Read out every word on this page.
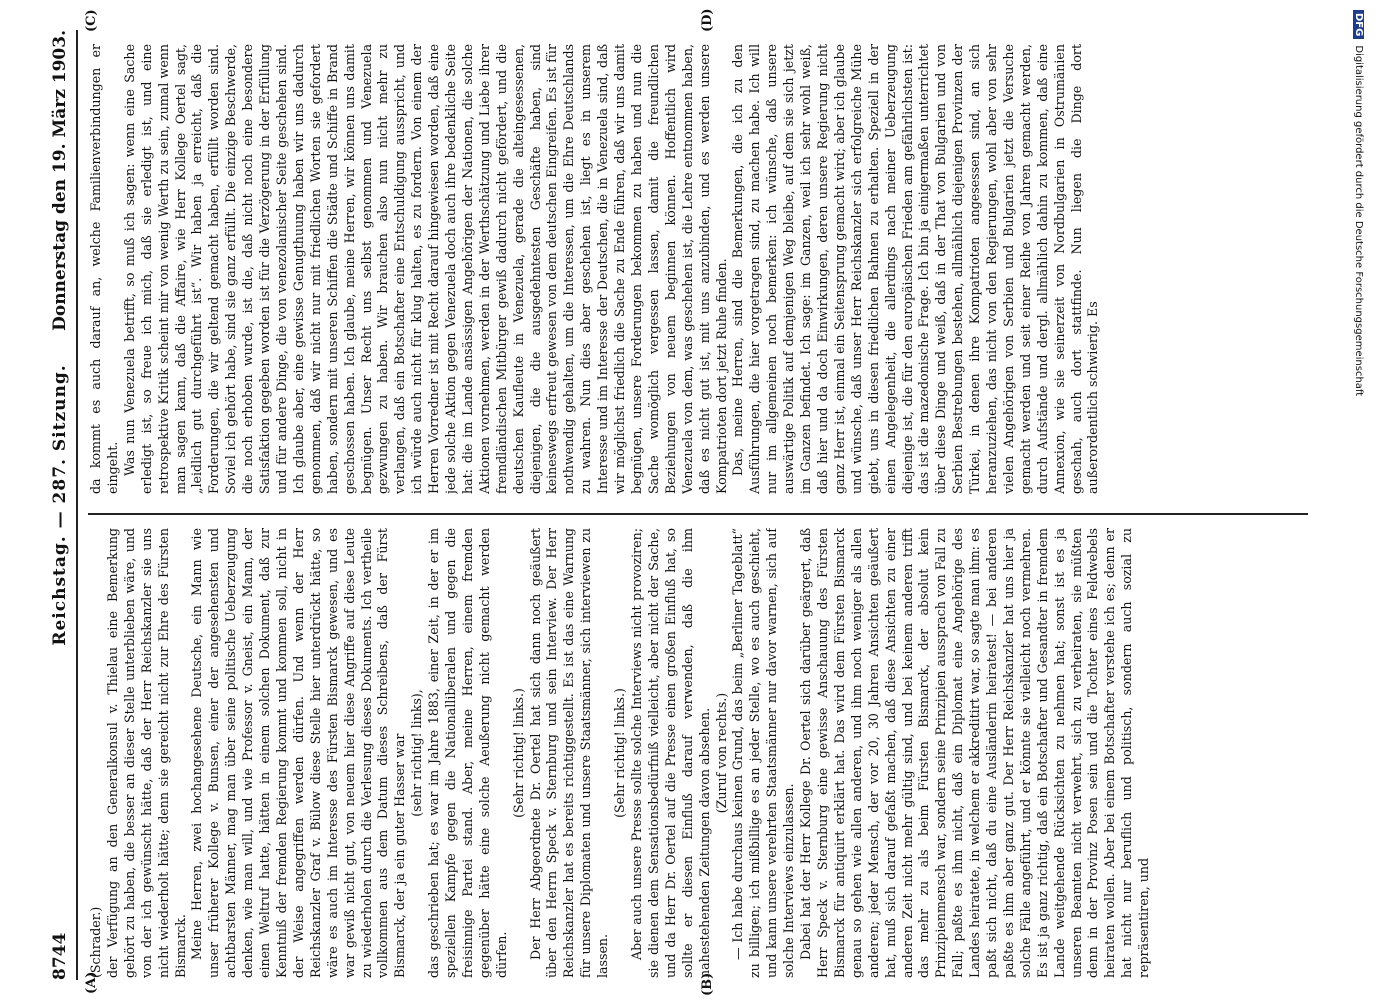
8744
Reichstag. — 287. Sitzung.
Donnerstag den 19. März 1903.
(A)	(B)
(C)	(D)

(Schrader.) der Verfügung an den Generalkonsul v. Thielau eine Bemerkung gehört zu haben, die besser an dieser Stelle unterblieben wäre, und von der ich gewünscht hätte, daß der Herr Reichskanzler sie uns nicht wiederholt hätte; denn sie gereicht nicht zur Ehre des Fürsten Bismarck. Meine Herren, zwei hochangesehene Deutsche, ein Mann wie unser früherer Kollege v. Bunsen, einer der angesehensten und achtbarsten Männer, mag man über seine politische Ueberzeugung denken, wie man will, und wie Professor v. Gneist, ein Mann, der einen Weltruf hatte, hätten in einem solchen Dokument, daß zur Kenntniß der fremden Regierung kommt und kommen soll, nicht in der Weise angegriffen werden dürfen. Und wenn der Herr Reichskanzler Graf v. Bülow diese Stelle hier unterdrückt hätte, so wäre es auch im Interesse des Fürsten Bismarck gewesen, und es war gewiß nicht gut, von neuem hier diese Angriffe auf diese Leute zu wiederholen durch die Verlesung dieses Dokuments. Ich vertheile vollkommen aus dem Datum dieses Schreibens, daß der Fürst Bismarck, der ja ein guter Hasser war (sehr richtig! links), das geschrieben hat; es war im Jahre 1883, einer Zeit, in der er im speziellen Kampfe gegen die Nationalliberalen und gegen die freisinnige Partei stand. Aber, meine Herren, einem fremden gegenüber hätte eine solche Aeußerung nicht gemacht werden dürfen.

(Sehr richtig! links.) Der Herr Abgeordnete Dr. Oertel hat sich dann noch geäußert über den Herrn Speck v. Sternburg und sein Interview. Der Herr Reichskanzler hat es bereits richtiggestellt. Es ist das eine Warnung für unsere Diplomaten und unsere Staatsmänner, sich interviewen zu lassen.

(Sehr richtig! links.) Aber auch unsere Presse sollte solche Interviews nicht provoziren; sie dienen dem Sensationsbedürfniß vielleicht, aber nicht der Sache, und da Herr Dr. Oertel auf die Presse einen großen Einfluß hat, so sollte er diesen Einfluß darauf verwenden, daß die ihm nahestehenden Zeitungen davon absehen. (Zuruf von rechts.) — Ich habe durchaus keinen Grund, das beim „Berliner Tageblatt“ zu billigen; ich mißbillige es an jeder Stelle, wo es auch geschieht, und kann unsere verehrten Staatsmänner nur davor warnen, sich auf solche Interviews einzulassen. Dabei hat der Herr Kollege Dr. Oertel sich darüber geärgert, daß Herr Speck v. Sternburg eine gewisse Anschauung des Fürsten Bismarck für antiquirt erklärt hat. Das wird dem Fürsten Bismarck genau so gehen wie allen anderen, und ihm noch weniger als allen anderen; jeder Mensch, der vor 20, 30 Jahren Ansichten geäußert hat, muß sich darauf gefaßt machen, daß diese Ansichten zu einer anderen Zeit nicht mehr gültig sind, und bei keinem anderen trifft das mehr zu als beim Fürsten Bismarck, der absolut kein Prinzipienmensch war, sondern seine Prinzipien aussprach von Fall zu Fall; paßte es ihm nicht, daß ein Diplomat eine Angehörige des Landes heiratete, in welchem er akkreditirt war, so sagte man ihm: es paßt sich nicht, daß du eine Ausländerin heiratest! — bei anderen paßte es ihm aber ganz gut. Der Herr Reichskanzler hat uns hier ja solche Fälle angeführt, und er könnte sie vielleicht noch vermehren. Es ist ja ganz richtig, daß ein Botschafter und Gesandter in fremdem Lande weitgehende Rücksichten zu nehmen hat; sonst ist es ja unseren Beamten nicht verwehrt, sich zu verheiraten, sie müßten denn in der Provinz Posen sein und die Tochter eines Feldwebels heiraten wollen. Aber bei einem Botschafter verstehe ich es; denn er hat nicht nur beruflich und politisch, sondern auch sozial zu repräsentiren, und

da kommt es auch darauf an, welche Familienverbindungen er eingeht. Was nun Venezuela betrifft, so muß ich sagen: wenn eine Sache erledigt ist, so freue ich mich, daß sie erledigt ist, und eine retrospektive Kritik scheint mir von wenig Werth zu sein, zumal wenn man sagen kann, daß die Affaire, wie Herr Kollege Oertel sagt, „leidlich gut durchgeführt ist“. Wir haben ja erreicht, daß die Forderungen, die wir geltend gemacht haben, erfüllt worden sind. Soviel ich gehört habe, sind sie ganz erfüllt. Die einzige Beschwerde, die noch erhoben wurde, ist die, daß nicht noch eine besondere Satisfaktion gegeben worden ist für die Verzögerung in der Erfüllung und für andere Dinge, die von venezolanischer Seite geschehen sind. Ich glaube aber, eine gewisse Genugthuung haben wir uns dadurch genommen, daß wir nicht nur mit friedlichen Worten sie gefordert haben, sondern mit unseren Schiffen die Städte und Schiffe in Brand geschossen haben. Ich glaube, meine Herren, wir können uns damit begnügen. Unser Recht uns selbst genommen und Venezuela gezwungen zu haben. Wir brauchen also nun nicht mehr zu verlangen, daß ein Botschafter eine Entschuldigung ausspricht, und ich würde auch nicht für klug halten, es zu fordern. Von einem der Herren Vorredner ist mit Recht darauf hingewiesen worden, daß eine jede solche Aktion gegen Venezuela doch auch ihre bedenkliche Seite hat: die im Lande ansässigen Angehörigen der Nationen, die solche Aktionen vornehmen, werden in der Werthschätzung und Liebe ihrer fremdländischen Mitbürger gewiß dadurch nicht gefördert, und die deutschen Kaufleute in Venezuela, gerade die alteingesessenen, diejenigen, die die ausgedehntesten Geschäfte haben, sind keineswegs erfreut gewesen von dem deutschen Eingreifen. Es ist für nothwendig gehalten, um die Interessen, um die Ehre Deutschlands zu wahren. Nun dies aber geschehen ist, liegt es in unserem Interesse und im Interesse der Deutschen, die in Venezuela sind, daß wir möglichst friedlich die Sache zu Ende führen, daß wir uns damit begnügen, unsere Forderungen bekommen zu haben und nun die Sache womöglich vergessen lassen, damit die freundlichen Beziehungen von neuem beginnen können. Hoffentlich wird Venezuela von dem, was geschehen ist, die Lehre entnommen haben, daß es nicht gut ist, mit uns anzubinden, und es werden unsere Kompatrioten dort jetzt Ruhe finden. Das, meine Herren, sind die Bemerkungen, die ich zu den Ausführungen, die hier vorgetragen sind, zu machen habe. Ich will nur im allgemeinen noch bemerken: ich wünsche, daß unsere auswärtige Politik auf demjenigen Weg bleibe, auf dem sie sich jetzt im Ganzen befindet. Ich sage: im Ganzen, weil ich sehr wohl weiß, daß hier und da doch Einwirkungen, deren unsere Regierung nicht ganz Herr ist, einmal ein Seitensprung gemacht wird; aber ich glaube und wünsche, daß unser Herr Reichskanzler sich erfolgreiche Mühe giebt, uns in diesen friedlichen Bahnen zu erhalten. Speziell in der einen Angelegenheit, die allerdings nach meiner Ueberzeugung diejenige ist, die für den europäischen Frieden am gefährlichsten ist: das ist die mazedonische Frage. Ich bin ja einigermaßen unterrichtet über diese Dinge und weiß, daß in der That von Bulgarien und von Serbien Bestrebungen bestehen, allmählich diejenigen Provinzen der Türkei, in denen ihre Kompatrioten angesessen sind, an sich heranzuziehen, das nicht von den Regierungen, wohl aber von sehr vielen Angehörigen von Serbien und Bulgarien jetzt die Versuche gemacht werden und seit einer Reihe von Jahren gemacht werden, durch Aufstände und dergl. allmählich dahin zu kommen, daß eine Annexion, wie sie seinerzeit von Nordbulgarien in Ostrumänien geschah, auch dort stattfinde. Nun liegen die Dinge dort außerordentlich schwierig. Es

DFGDigitalisierung gefördert durch die Deutsche Forschungsgemeinschaft
